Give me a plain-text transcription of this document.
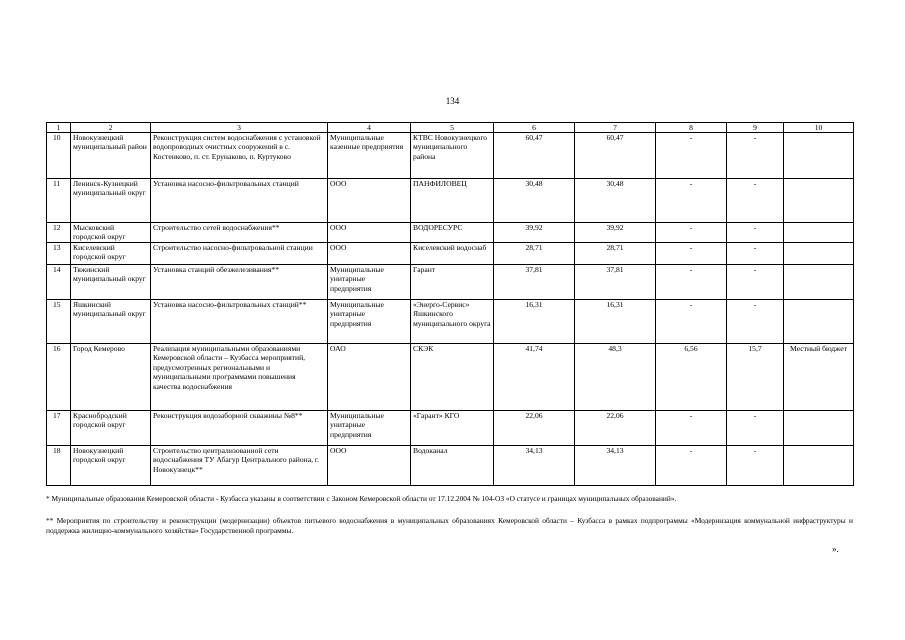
134
1	2	3	4	5	6	7	8	9	10
10	Новокузнецкий муниципальный район	Реконструкция систем водоснабжения с установкой водопроводных очистных сооружений в с. Костенково, п. ст. Ерунаково, п. Куртуково	Муниципальные казенные предприятия	КТВС Новокузнецкого муниципального района	60,47	60,47	-	-	
11	Ленинск-Кузнецкий муниципальный округ	Установка насосно-фильтровальных станций	ООО	ПАНФИЛОВЕЦ	30,48	30,48	-	-	
12	Мысковский городской округ	Строительство сетей водоснабжения**	ООО	ВОДОРЕСУРС	39,92	39,92	-	-	
13	Киселевский городской округ	Строительство насосно-фильтровальной станции	ООО	Киселевский водоснаб	28,71	28,71	-	-	
14	Тяжинский муниципальный округ	Установка станций обезжелезивания**	Муниципальные унитарные предприятия	Гарант	37,81	37,81	-	-	
15	Яшкинский муниципальный округ	Установка насосно-фильтровальных станций**	Муниципальные унитарные предприятия	«Энерго-Сервис» Яшкинского муниципального округа	16,31	16,31	-	-	
16	Город Кемерово	Реализация муниципальными образованиями Кемеровской области – Кузбасса мероприятий, предусмотренных региональными и муниципальными программами повышения качества водоснабжения	ОАО	СКЭК	41,74	48,3	6,56	15,7	Местный бюджет
17	Краснобродский городской округ	Реконструкция водозаборной скважины №8**	Муниципальные унитарные предприятия	«Гарант» КГО	22,06	22,06	-	-	
18	Новокузнецкий городской округ	Строительство централизованной сети водоснабжения ТУ Абагур Центрального района, г. Новокузнецк**	ООО	Водоканал	34,13	34,13	-	-	
* Муниципальные образования Кемеровской области - Кузбасса указаны в соответствии с Законом Кемеровской области от 17.12.2004 № 104-ОЗ «О статусе и границах муниципальных образований».
** Мероприятия по строительству и реконструкции (модернизации) объектов питьевого водоснабжения в муниципальных образованиях Кемеровской области – Кузбасса в рамках подпрограммы «Модернизация коммунальной инфраструктуры и поддержка жилищно-коммунального хозяйства» Государственной программы.
».
